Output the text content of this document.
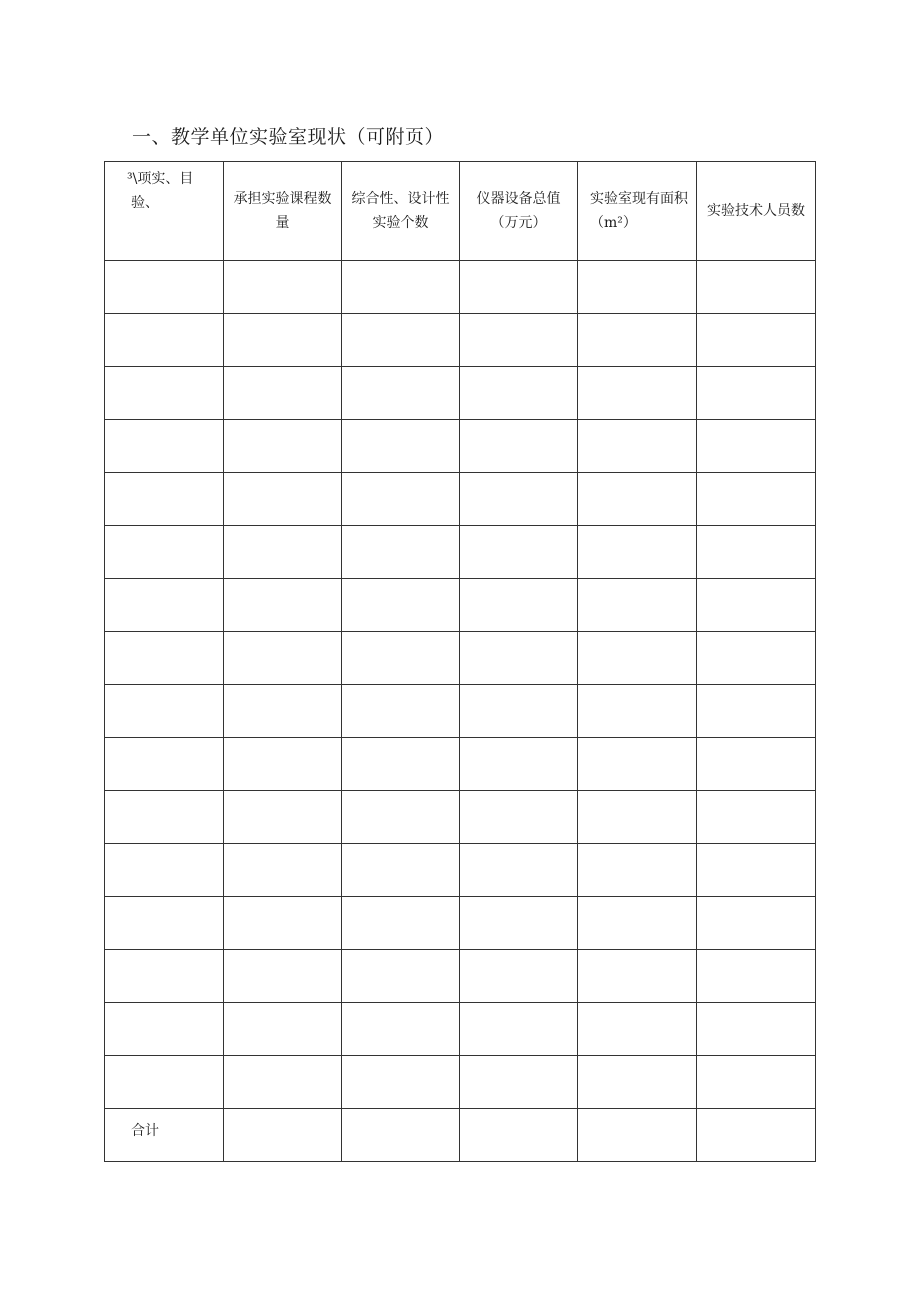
一、教学单位实验室现状（可附页）
³\项实、目
验、	承担实验课程数量	综合性、设计性实验个数	仪器设备总值（万元）	实验室现有面积（m²）	实验技术人员数

合计					
